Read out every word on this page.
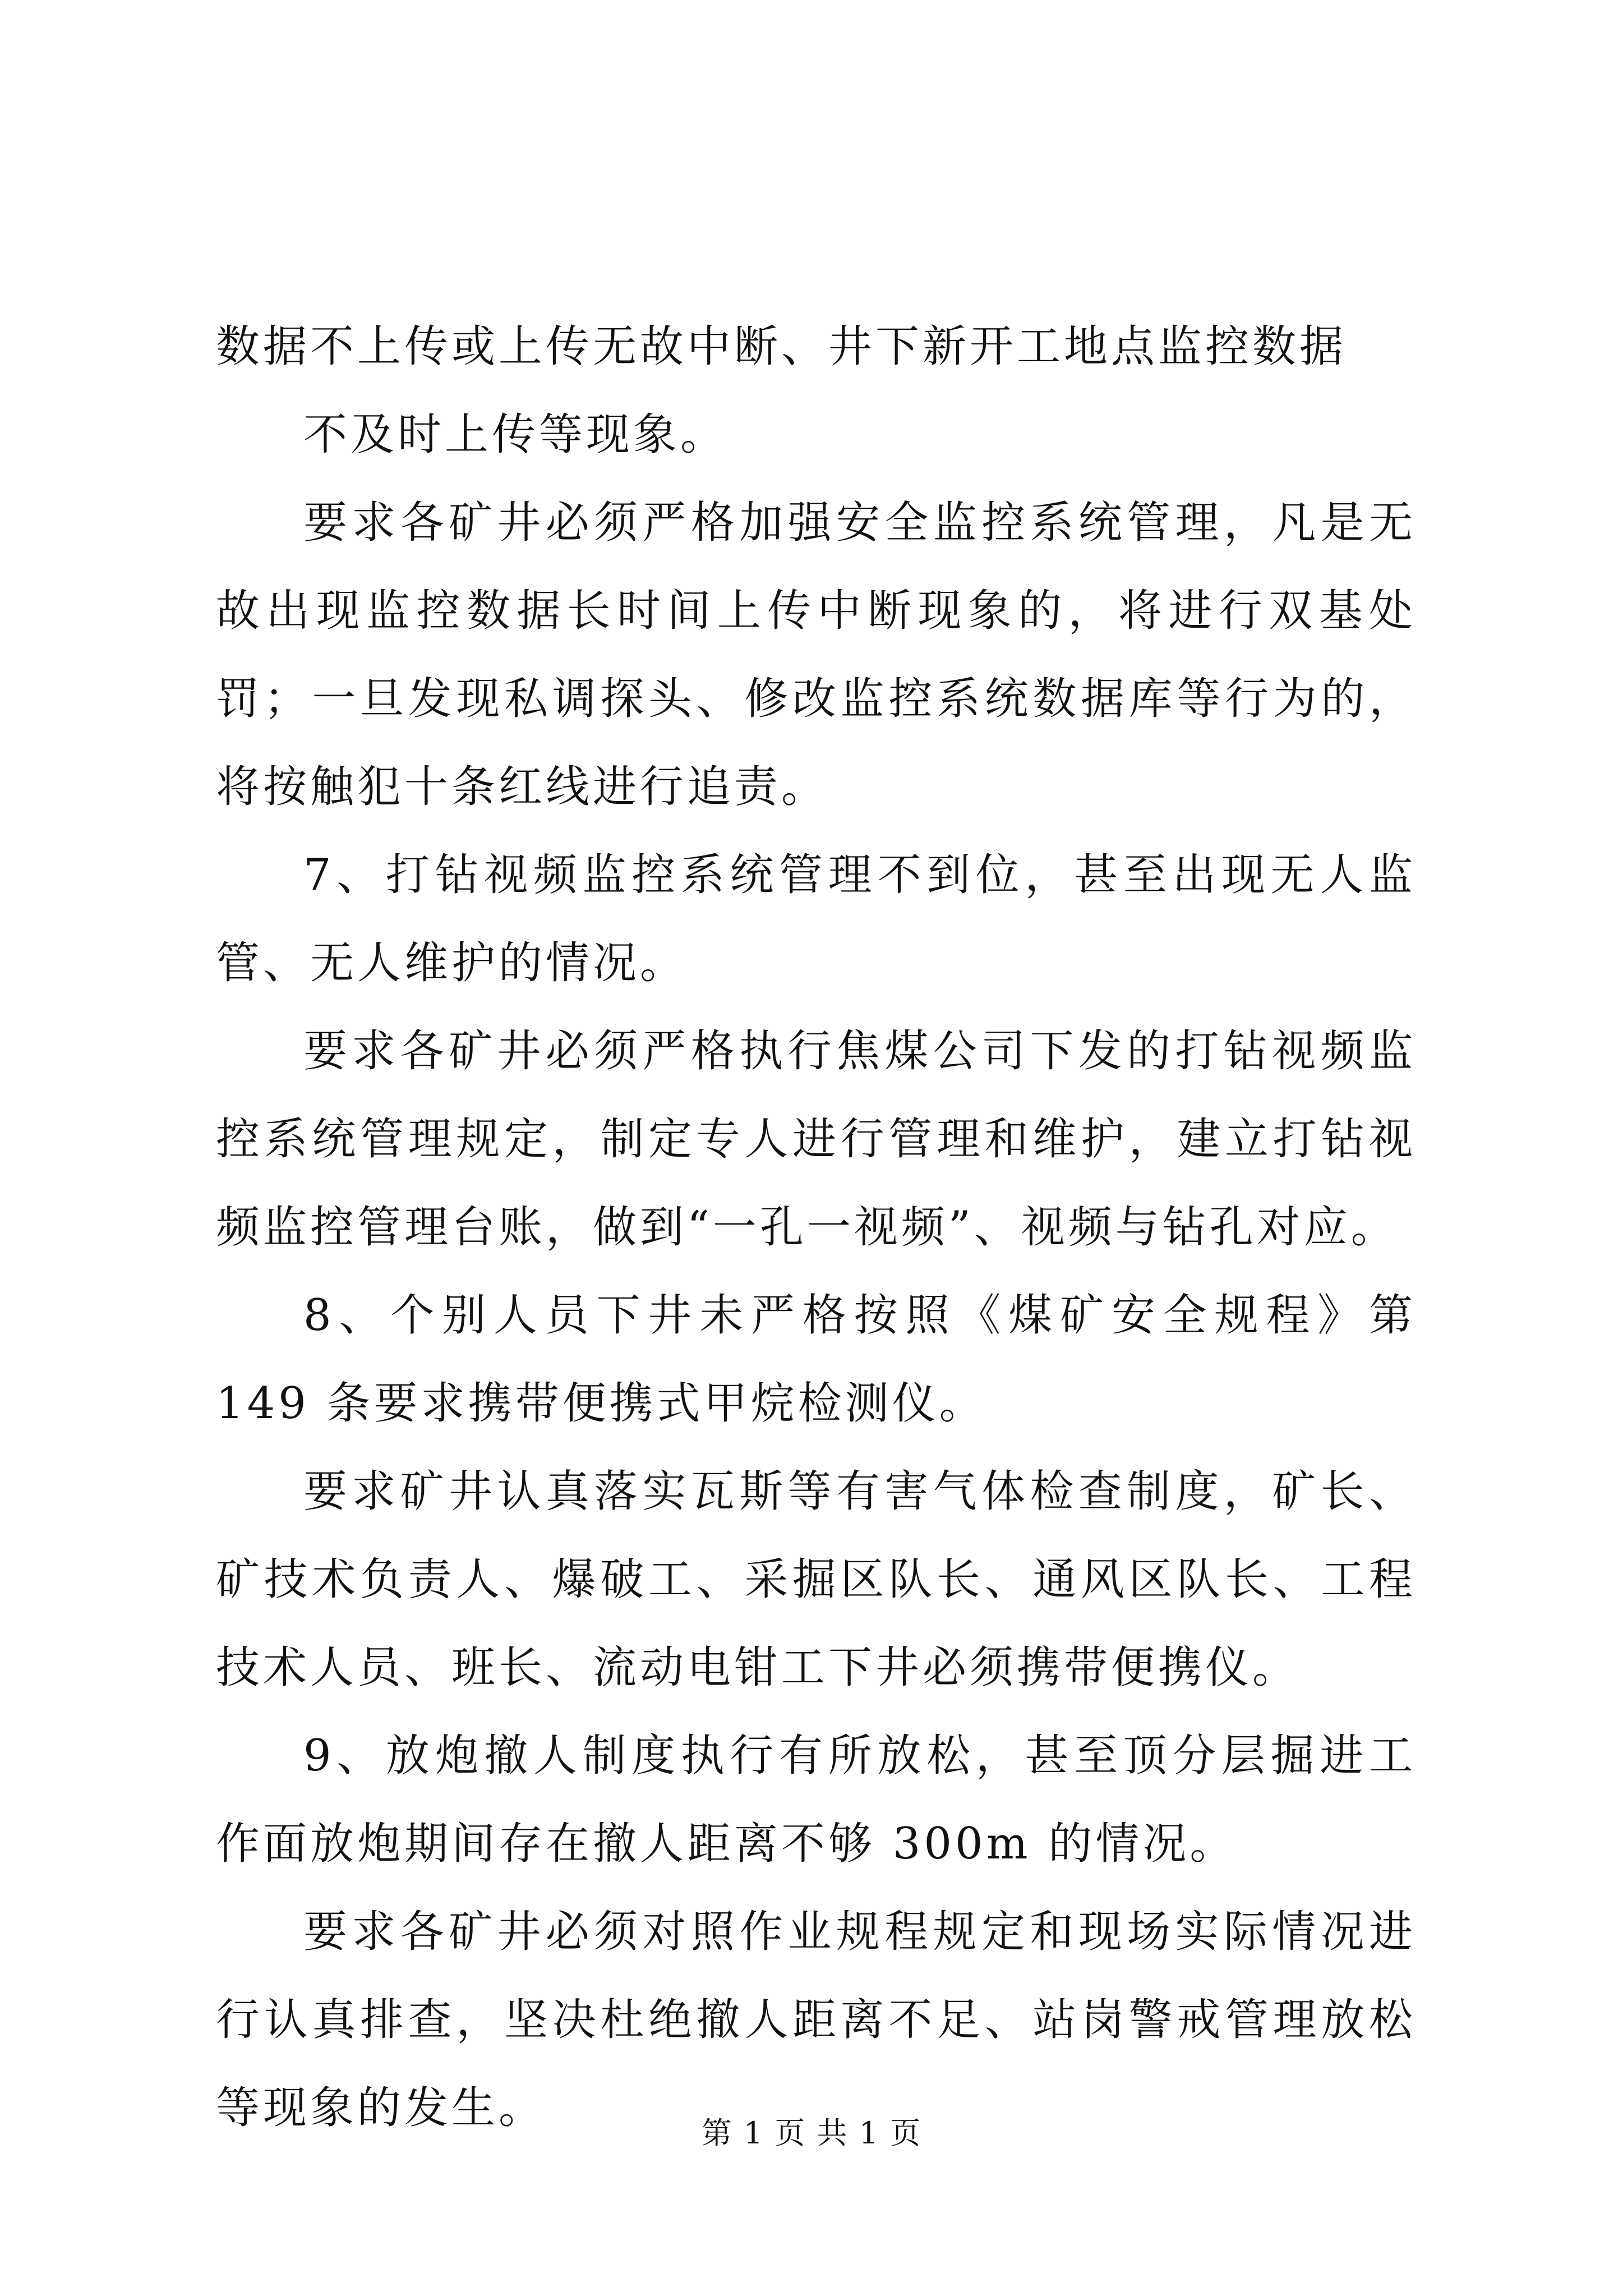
数据不上传或上传无故中断、井下新开工地点监控数据

不及时上传等现象。

要求各矿井必须严格加强安全监控系统管理，凡是无故出现监控数据长时间上传中断现象的，将进行双基处罚；一旦发现私调探头、修改监控系统数据库等行为的，将按触犯十条红线进行追责。

7、打钻视频监控系统管理不到位，甚至出现无人监管、无人维护的情况。

要求各矿井必须严格执行焦煤公司下发的打钻视频监控系统管理规定，制定专人进行管理和维护，建立打钻视频监控管理台账，做到“一孔一视频”、视频与钻孔对应。

8、个别人员下井未严格按照《煤矿安全规程》第 149 条要求携带便携式甲烷检测仪。

要求矿井认真落实瓦斯等有害气体检查制度，矿长、矿技术负责人、爆破工、采掘区队长、通风区队长、工程技术人员、班长、流动电钳工下井必须携带便携仪。

9、放炮撤人制度执行有所放松，甚至顶分层掘进工作面放炮期间存在撤人距离不够 300m 的情况。

要求各矿井必须对照作业规程规定和现场实际情况进行认真排查，坚决杜绝撤人距离不足、站岗警戒管理放松等现象的发生。	第 1 页 共 1 页
